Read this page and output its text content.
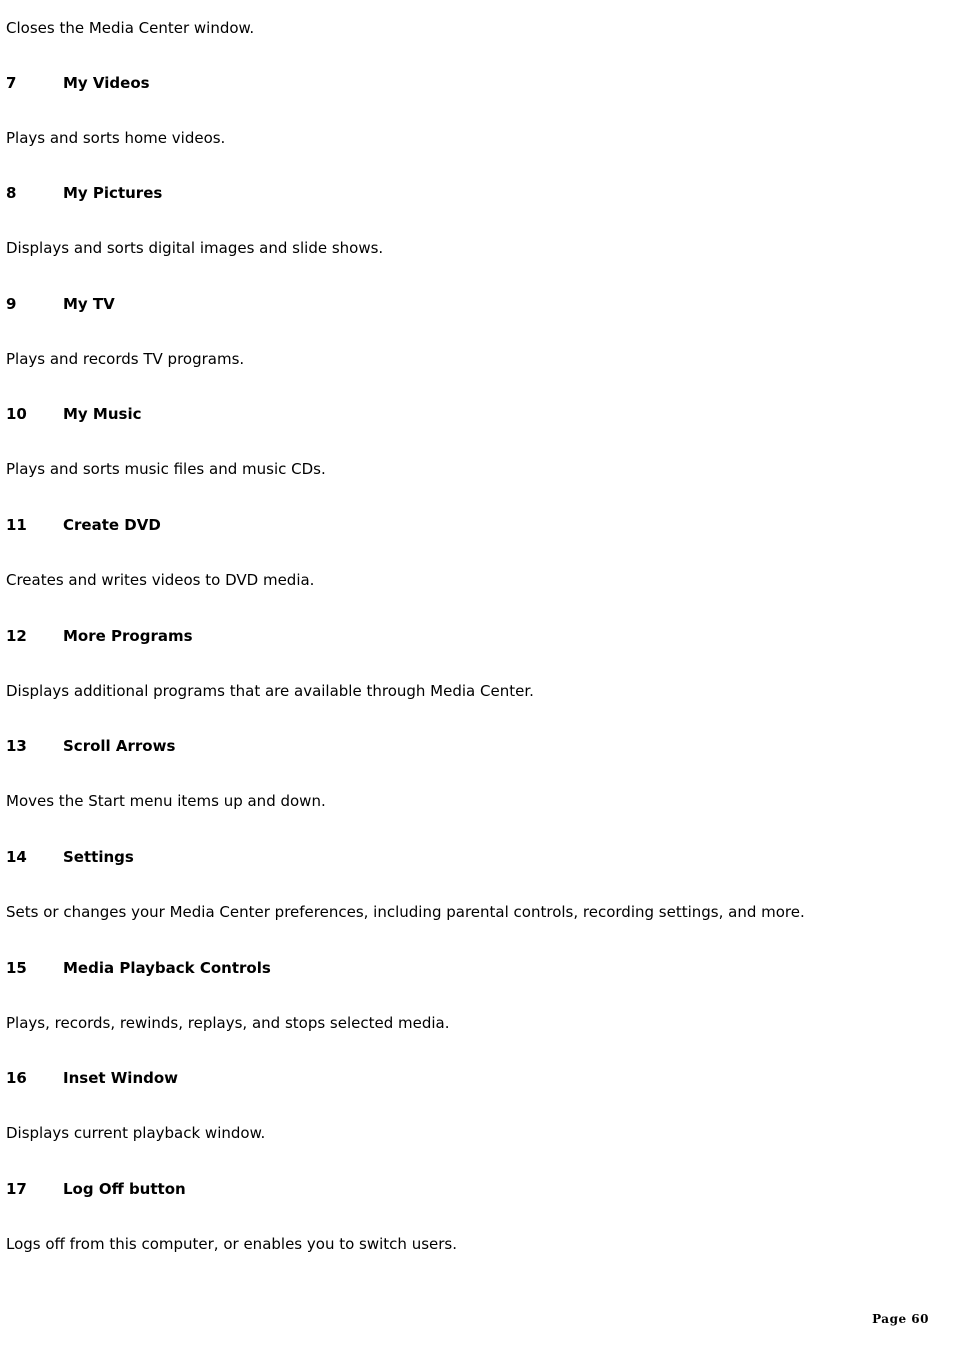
Closes the Media Center window.
7	My Videos
Plays and sorts home videos.
8	My Pictures
Displays and sorts digital images and slide shows.
9	My TV
Plays and records TV programs.
10	My Music
Plays and sorts music files and music CDs.
11	Create DVD
Creates and writes videos to DVD media.
12	More Programs
Displays additional programs that are available through Media Center.
13	Scroll Arrows
Moves the Start menu items up and down.
14	Settings
Sets or changes your Media Center preferences, including parental controls, recording settings, and more.
15	Media Playback Controls
Plays, records, rewinds, replays, and stops selected media.
16	Inset Window
Displays current playback window.
17	Log Off button
Logs off from this computer, or enables you to switch users.
Page 60
